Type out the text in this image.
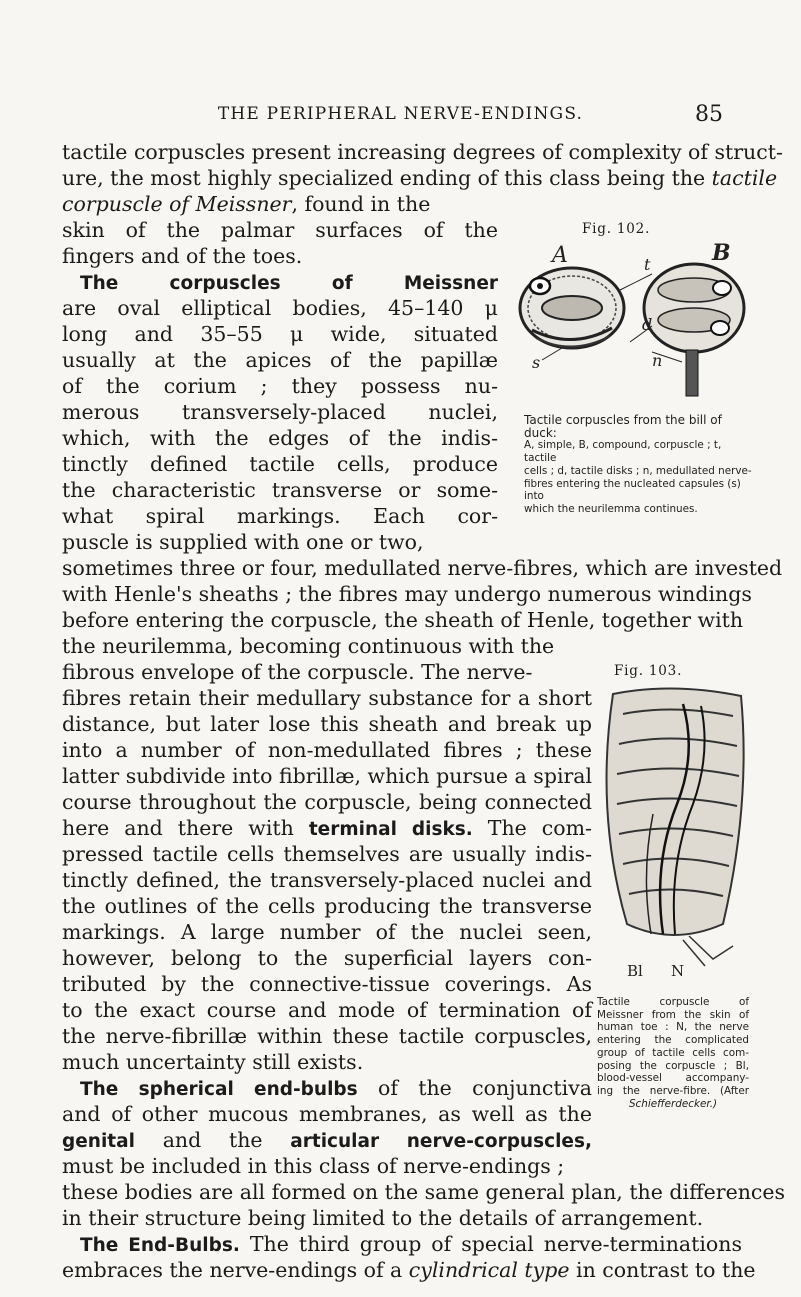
THE PERIPHERAL NERVE-ENDINGS.	85
tactile corpuscles present increasing degrees of complexity of struct-
ure, the most highly specialized ending of this class being the tactile
corpuscle of Meissner, found in the
skin of the palmar surfaces of the
fingers and of the toes.
The corpuscles of Meissner
are oval elliptical bodies, 45–140 μ
long and 35–55 μ wide, situated
usually at the apices of the papillæ
of the corium ; they possess nu-
merous transversely-placed nuclei,
which, with the edges of the indis-
tinctly defined tactile cells, produce
the characteristic transverse or some-
what spiral markings. Each cor-
puscle is supplied with one or two,
sometimes three or four, medullated nerve-fibres, which are invested
with Henle's sheaths ; the fibres may undergo numerous windings
before entering the corpuscle, the sheath of Henle, together with
the neurilemma, becoming continuous with the
fibrous envelope of the corpuscle. The nerve-
fibres retain their medullary substance for a short
distance, but later lose this sheath and break up
into a number of non-medullated fibres ; these
latter subdivide into fibrillæ, which pursue a spiral
course throughout the corpuscle, being connected
here and there with terminal disks. The com-
pressed tactile cells themselves are usually indis-
tinctly defined, the transversely-placed nuclei and
the outlines of the cells producing the transverse
markings. A large number of the nuclei seen,
however, belong to the superficial layers con-
tributed by the connective-tissue coverings. As
to the exact course and mode of termination of
the nerve-fibrillæ within these tactile corpuscles,
much uncertainty still exists.
The spherical end-bulbs of the conjunctiva
and of other mucous membranes, as well as the
genital and the articular nerve-corpuscles,
must be included in this class of nerve-endings ;
these bodies are all formed on the same general plan, the differences
in their structure being limited to the details of arrangement.
The End-Bulbs. The third group of special nerve-terminations
embraces the nerve-endings of a cylindrical type in contrast to the
Fig. 102.
A	B
t
d
s	n
Tactile corpuscles from the bill of duck:
A, simple, B, compound, corpuscle ; t, tactile
cells ; d, tactile disks ; n, medullated nerve-
fibres entering the nucleated capsules (s) into
which the neurilemma continues.
Fig. 103.
Bl N
Tactile corpuscle of
Meissner from the skin of
human toe : N, the nerve
entering the complicated
group of tactile cells com-
posing the corpuscle ; Bl,
blood-vessel accompany-
ing the nerve-fibre. (After
Schiefferdecker.)
